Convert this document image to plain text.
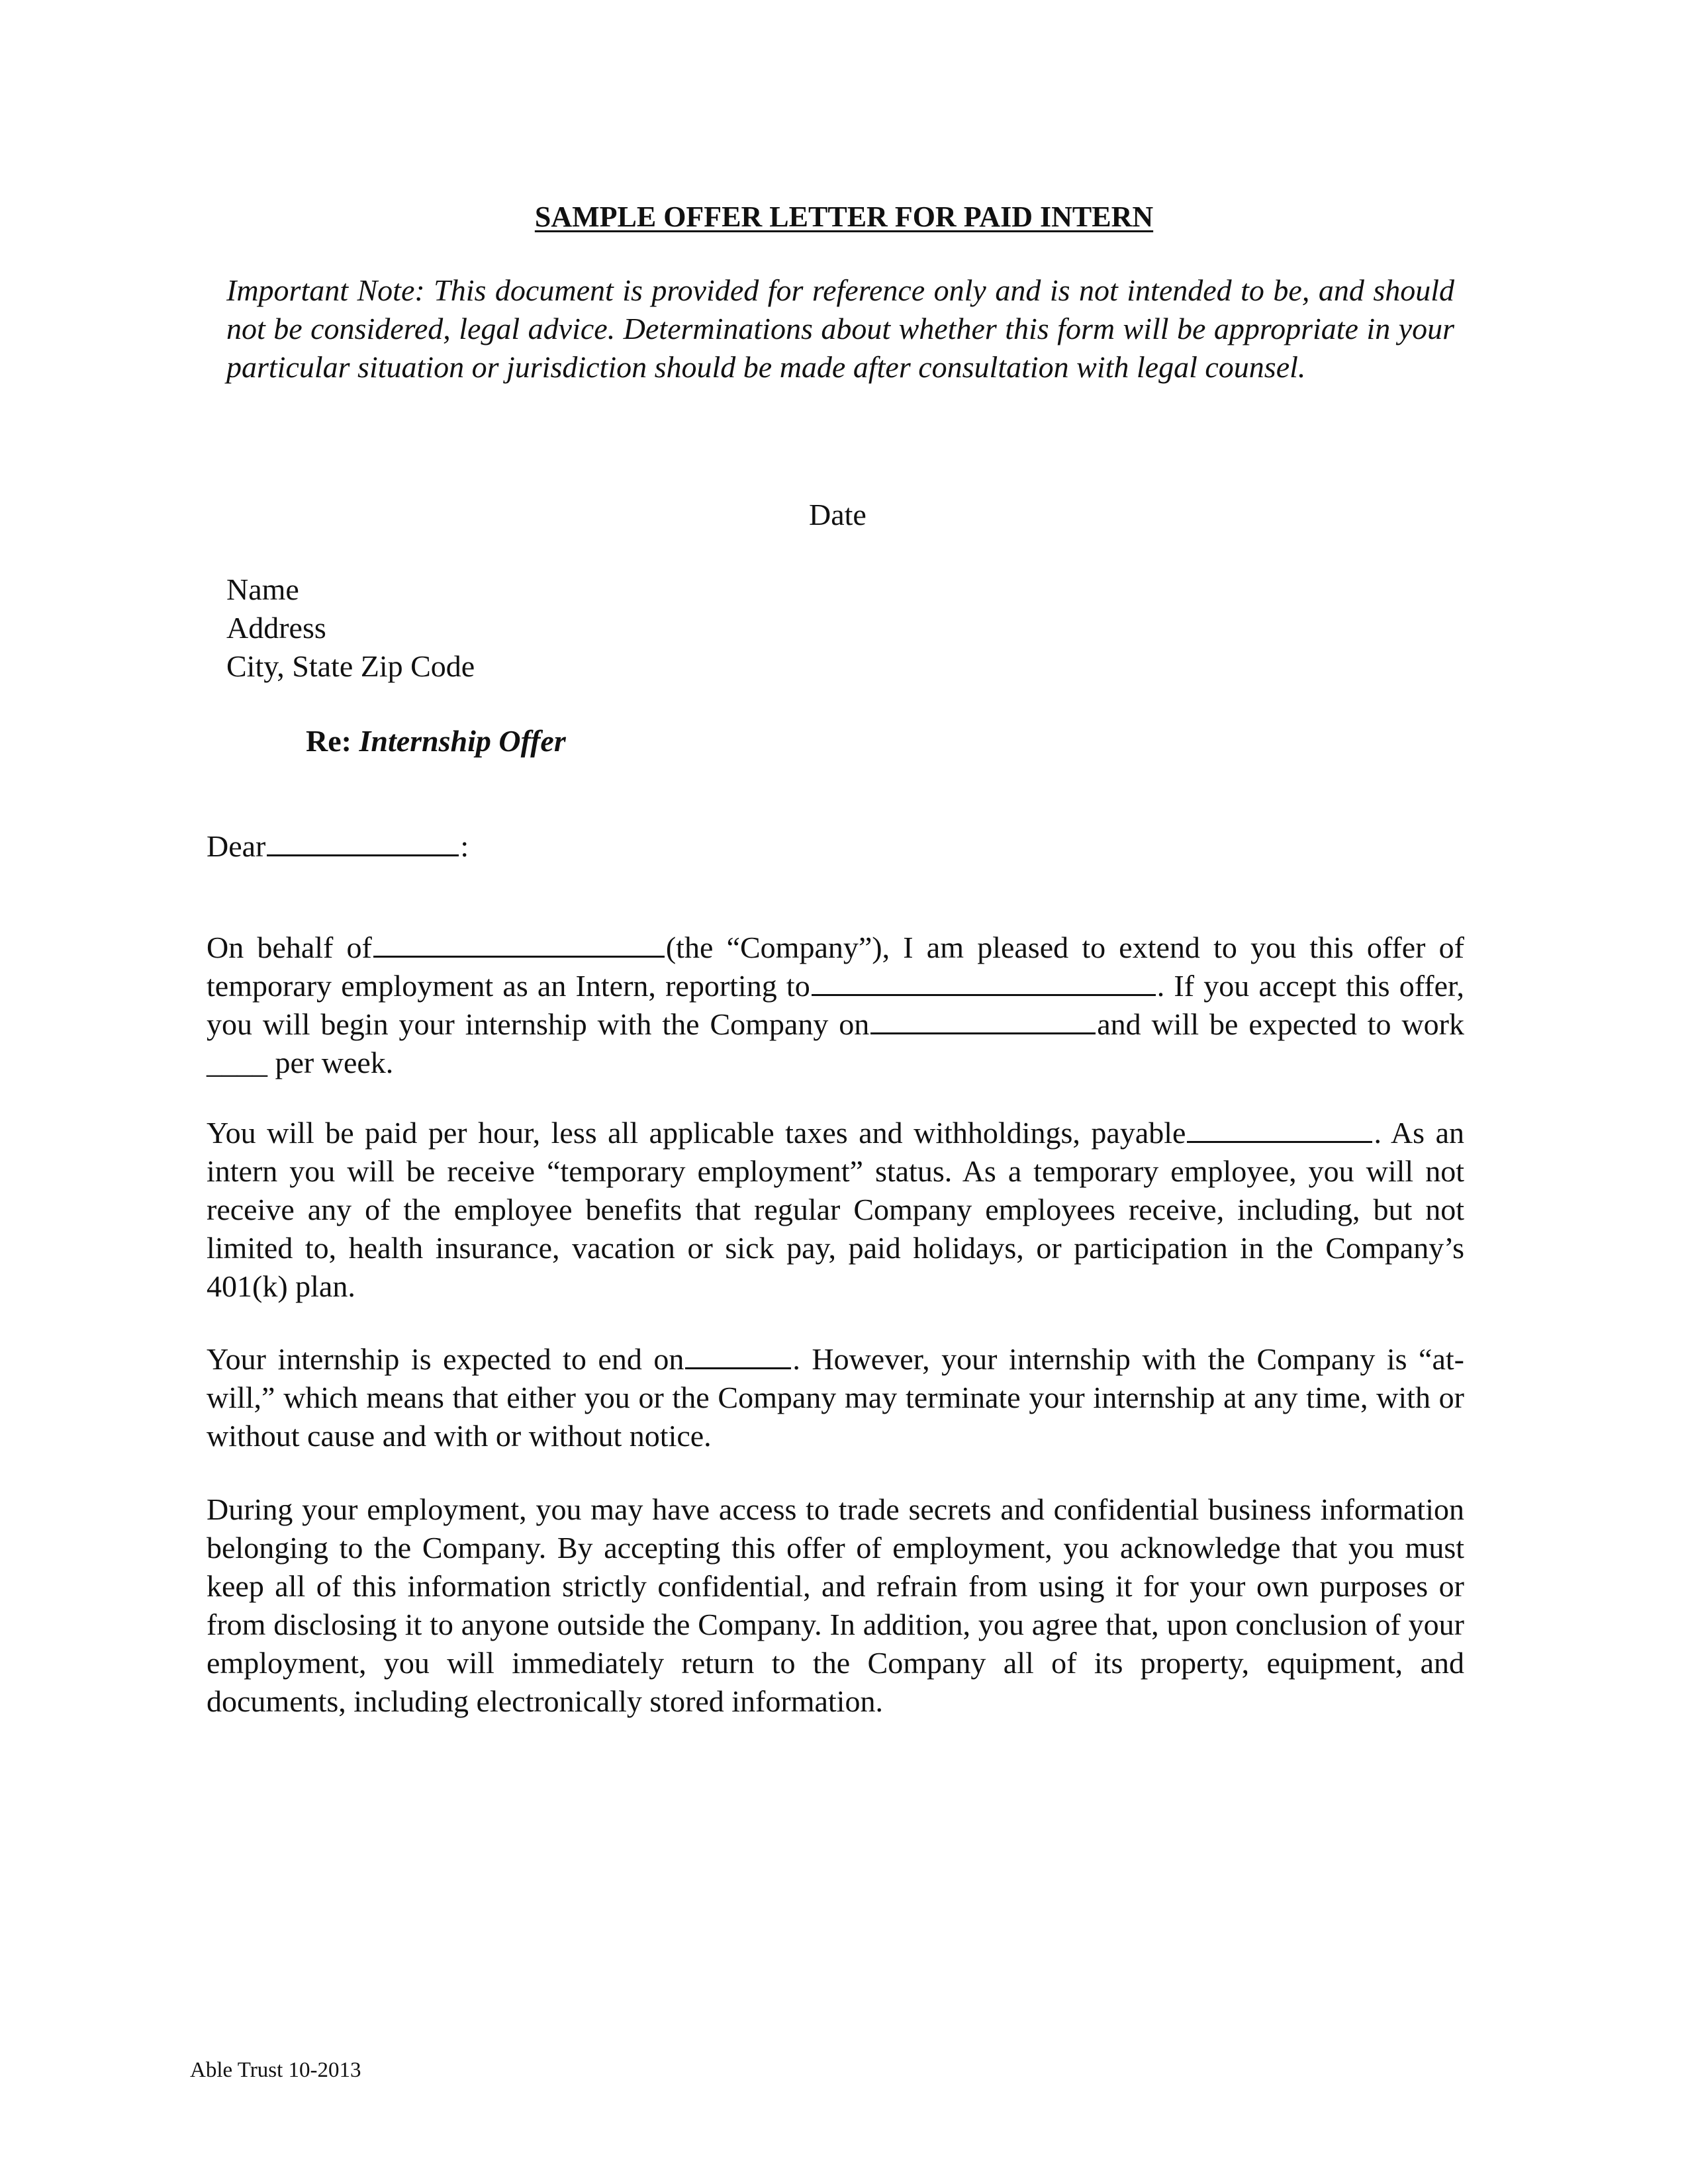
SAMPLE OFFER LETTER FOR PAID INTERN
Important Note: This document is provided for reference only and is not intended to be, and should not be considered, legal advice. Determinations about whether this form will be appropriate in your particular situation or jurisdiction should be made after consultation with legal counsel.
Date
Name
Address
City, State Zip Code
Re: Internship Offer
Dear	:
On behalf of	(the “Company”), I am pleased to extend to you this offer of temporary employment as an Intern, reporting to	. If you accept this offer, you will begin your internship with the Company on	and will be expected to work ____ per week.
You will be paid per hour, less all applicable taxes and withholdings, payable	. As an intern you will be receive “temporary employment” status. As a temporary employee, you will not receive any of the employee benefits that regular Company employees receive, including, but not limited to, health insurance, vacation or sick pay, paid holidays, or participation in the Company’s 401(k) plan.
Your internship is expected to end on	. However, your internship with the Company is “at-will,” which means that either you or the Company may terminate your internship at any time, with or without cause and with or without notice.
During your employment, you may have access to trade secrets and confidential business information belonging to the Company. By accepting this offer of employment, you acknowledge that you must keep all of this information strictly confidential, and refrain from using it for your own purposes or from disclosing it to anyone outside the Company. In addition, you agree that, upon conclusion of your employment, you will immediately return to the Company all of its property, equipment, and documents, including electronically stored information.
Able Trust 10-2013
